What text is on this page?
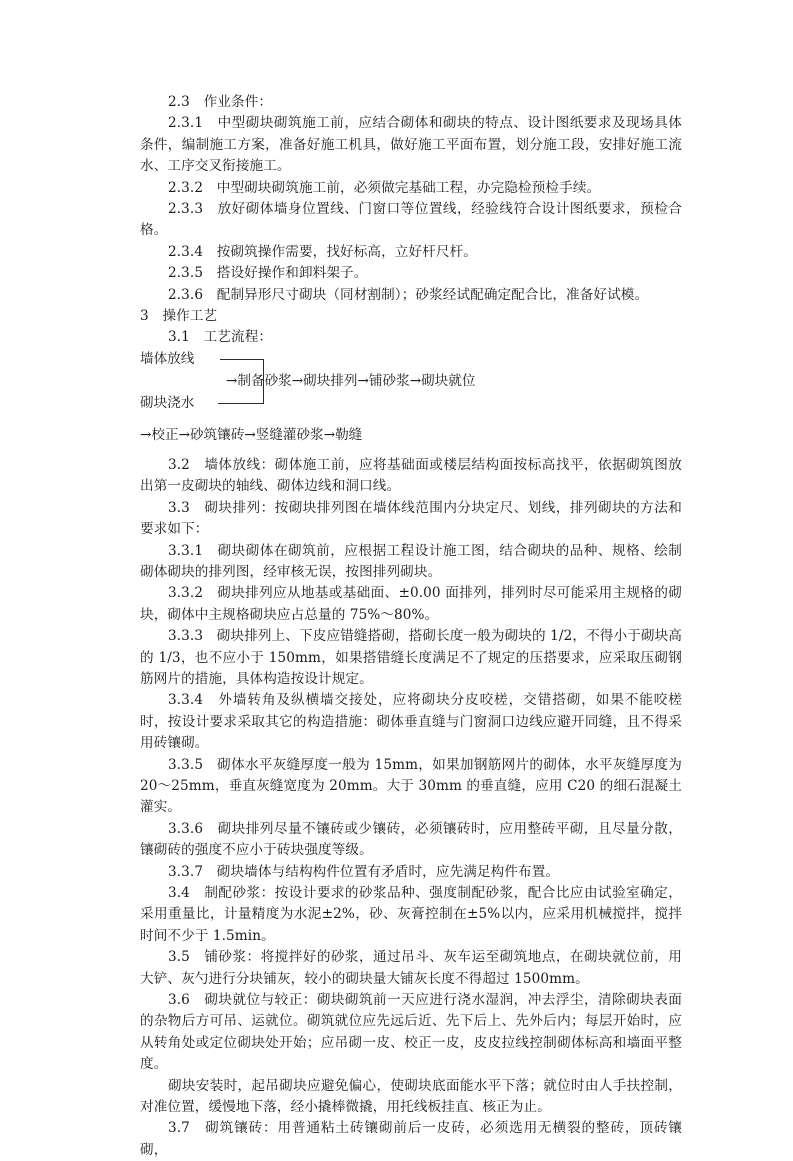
2.3　作业条件：

2.3.1　中型砌块砌筑施工前，应结合砌体和砌块的特点、设计图纸要求及现场具体条件，编制施工方案，准备好施工机具，做好施工平面布置，划分施工段，安排好施工流水、工序交叉衔接施工。

2.3.2　中型砌块砌筑施工前，必须做完基础工程，办完隐检预检手续。

2.3.3　放好砌体墙身位置线、门窗口等位置线，经验线符合设计图纸要求，预检合格。

2.3.4　按砌筑操作需要，找好标高，立好杆尺杆。

2.3.5　搭设好操作和卸料架子。

2.3.6　配制异形尺寸砌块（同材割制）；砂浆经试配确定配合比，准备好试模。

3　操作工艺

3.1　工艺流程：

墙体放线
砌块浇水
→制备砂浆→砌块排列→铺砂浆→砌块就位
→校正→砂筑镶砖→竖缝灌砂浆→勒缝

3.2　墙体放线：砌体施工前，应将基础面或楼层结构面按标高找平，依据砌筑图放出第一皮砌块的轴线、砌体边线和洞口线。

3.3　砌块排列：按砌块排列图在墙体线范围内分块定尺、划线，排列砌块的方法和要求如下：

3.3.1　砌块砌体在砌筑前，应根据工程设计施工图，结合砌块的品种、规格、绘制砌体砌块的排列图，经审核无误，按图排列砌块。

3.3.2　砌块排列应从地基或基础面、±0.00 面排列，排列时尽可能采用主规格的砌块，砌体中主规格砌块应占总量的 75%～80%。

3.3.3　砌块排列上、下皮应错缝搭砌，搭砌长度一般为砌块的 1/2，不得小于砌块高的 1/3，也不应小于 150mm，如果搭错缝长度满足不了规定的压搭要求，应采取压砌钢筋网片的措施，具体构造按设计规定。

3.3.4　外墙转角及纵横墙交接处，应将砌块分皮咬槎，交错搭砌，如果不能咬槎时，按设计要求采取其它的构造措施：砌体垂直缝与门窗洞口边线应避开同缝，且不得采用砖镶砌。

3.3.5　砌体水平灰缝厚度一般为 15mm，如果加钢筋网片的砌体，水平灰缝厚度为 20～25mm，垂直灰缝宽度为 20mm。大于 30mm 的垂直缝，应用 C20 的细石混凝土灌实。

3.3.6　砌块排列尽量不镶砖或少镶砖，必须镶砖时，应用整砖平砌，且尽量分散，镶砌砖的强度不应小于砖块强度等级。

3.3.7　砌块墙体与结构构件位置有矛盾时，应先满足构件布置。

3.4　制配砂浆：按设计要求的砂浆品种、强度制配砂浆，配合比应由试验室确定，采用重量比，计量精度为水泥±2%，砂、灰膏控制在±5%以内，应采用机械搅拌，搅拌时间不少于 1.5min。

3.5　铺砂浆：将搅拌好的砂浆，通过吊斗、灰车运至砌筑地点，在砌块就位前，用大铲、灰勺进行分块铺灰，较小的砌块量大铺灰长度不得超过 1500mm。

3.6　砌块就位与较正：砌块砌筑前一天应进行浇水湿润，冲去浮尘，清除砌块表面的杂物后方可吊、运就位。砌筑就位应先远后近、先下后上、先外后内；每层开始时，应从转角处或定位砌块处开始；应吊砌一皮、校正一皮，皮皮拉线控制砌体标高和墙面平整度。

砌块安装时，起吊砌块应避免偏心，使砌块底面能水平下落；就位时由人手扶控制，对准位置，缓慢地下落，经小撬棒微撬，用托线板挂直、核正为止。

3.7　砌筑镶砖：用普通粘土砖镶砌前后一皮砖，必须选用无横裂的整砖，顶砖镶砌，
